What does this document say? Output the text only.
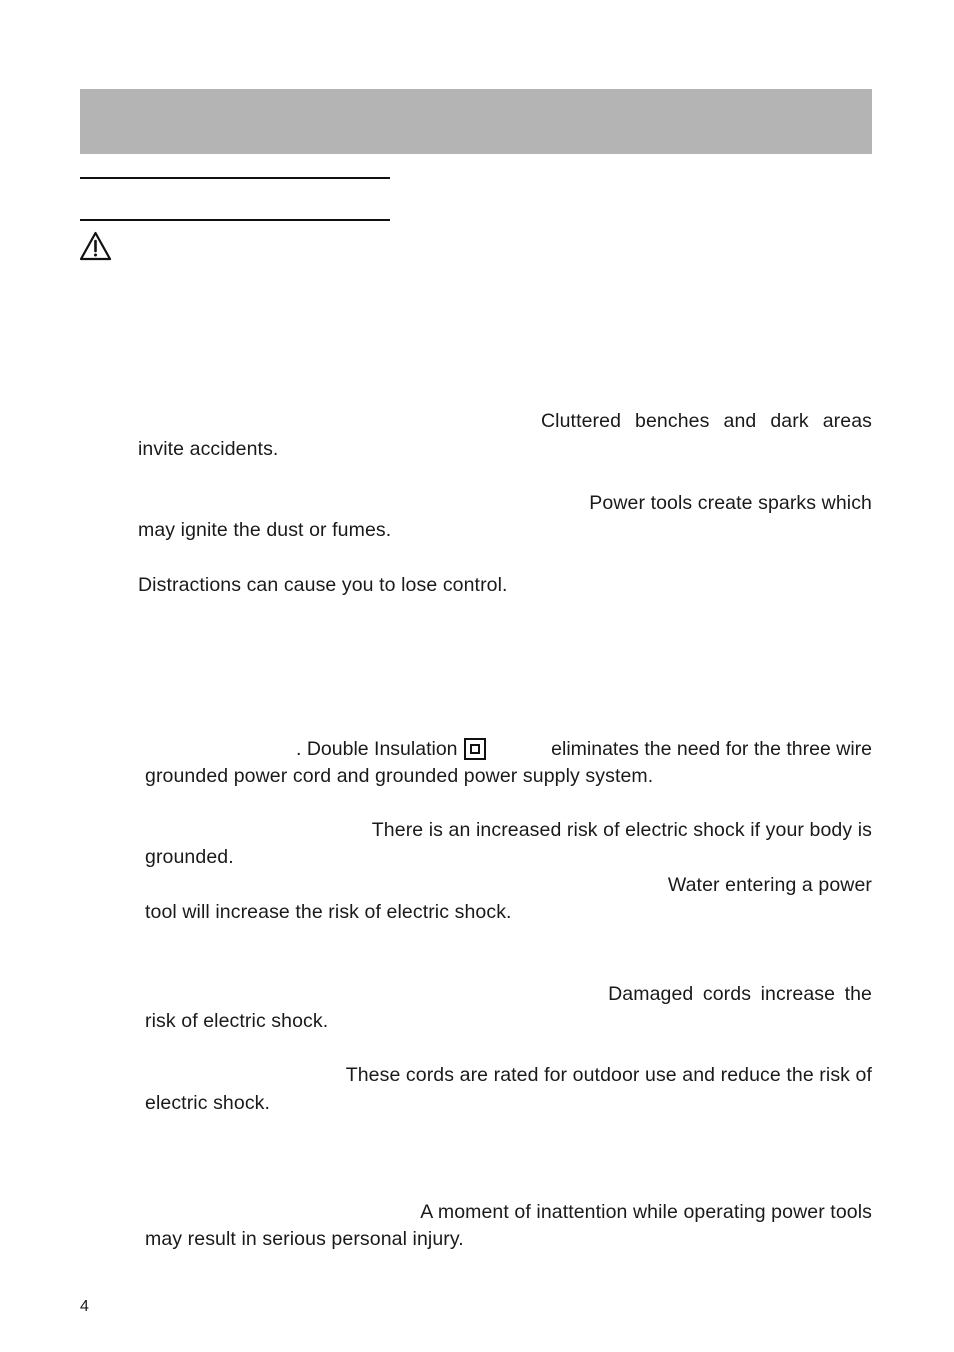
Cluttered benches and dark areas
invite accidents.
Power tools create sparks which
may ignite the dust or fumes.
Distractions can cause you to lose control.
. Double Insulation	eliminates the need for the three wire
grounded power cord and grounded power supply system.
There is an increased risk of electric shock if your body is
grounded.
Water entering a power
tool will increase the risk of electric shock.
Damaged cords increase the
risk of electric shock.
These cords are rated for outdoor use and reduce the risk of
electric shock.
A moment of inattention while operating power tools
may result in serious personal injury.
4
